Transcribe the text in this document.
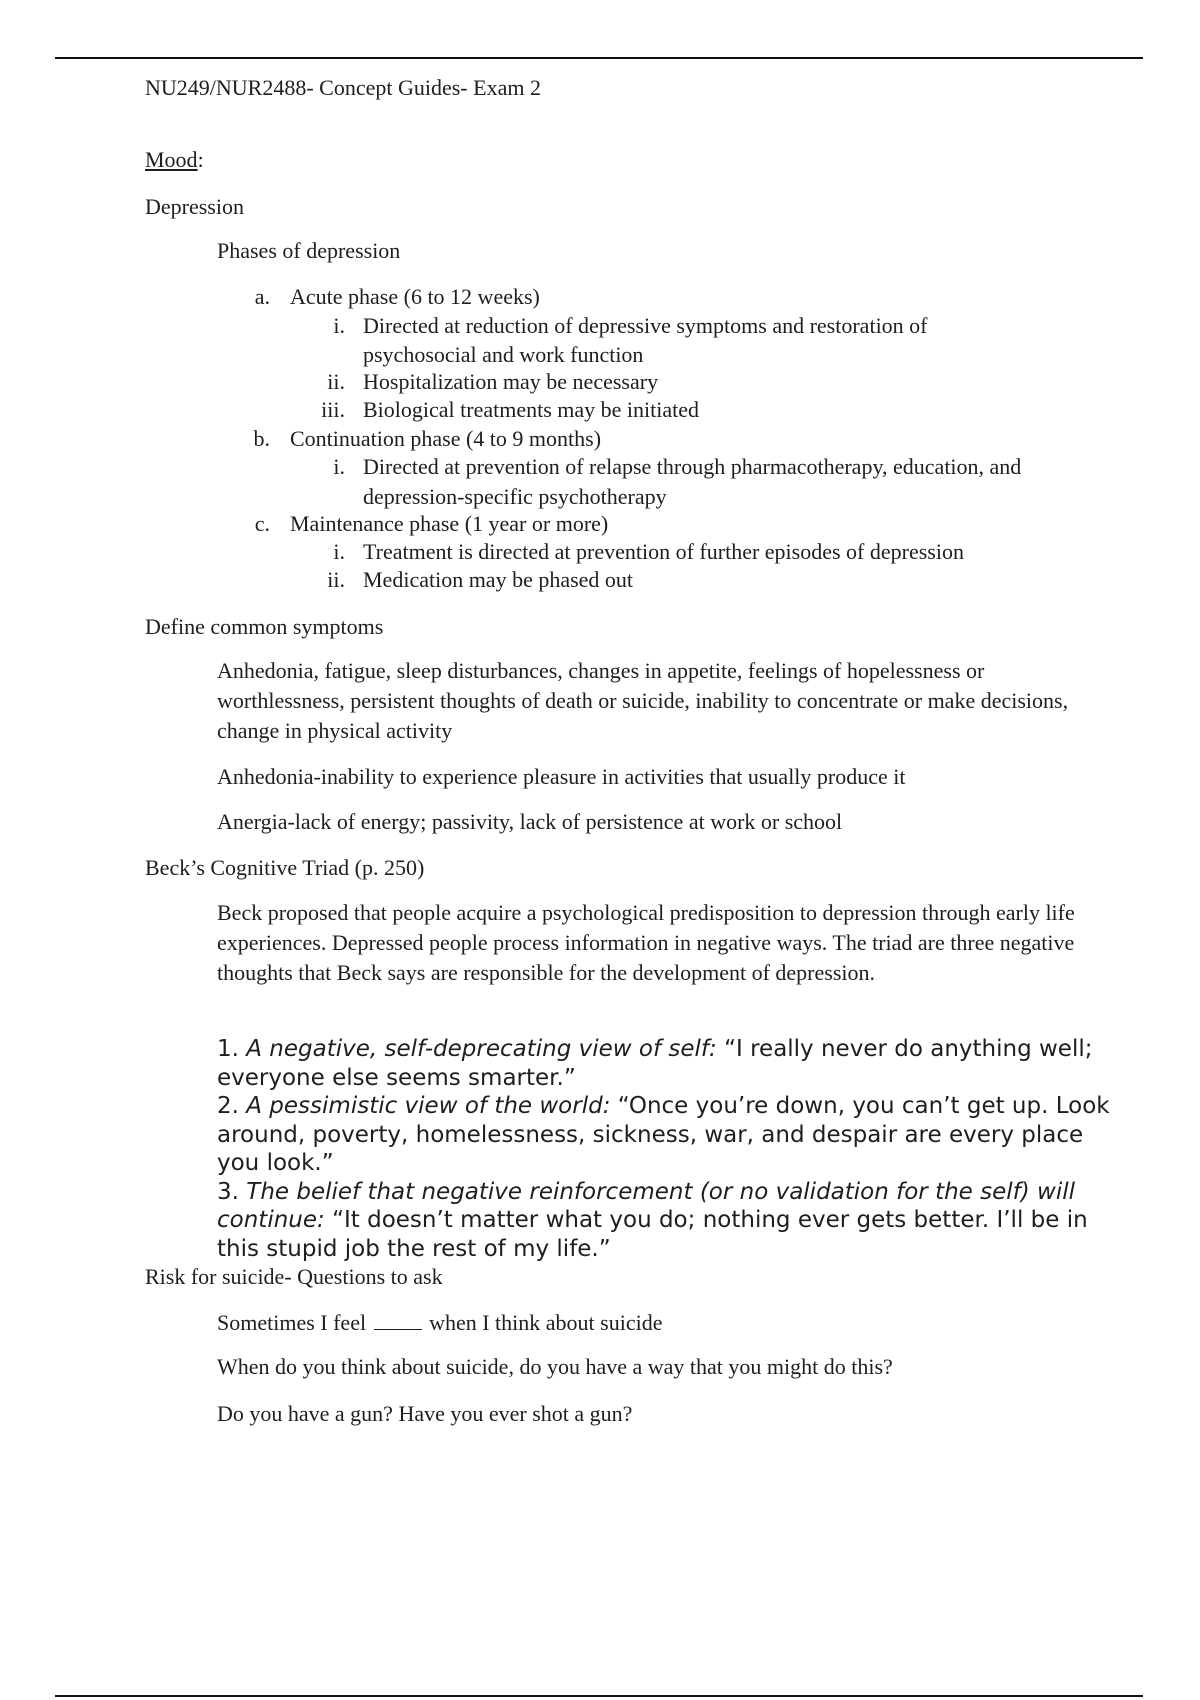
NU249/NUR2488- Concept Guides- Exam 2
Mood:
Depression
Phases of depression
a. Acute phase (6 to 12 weeks)
i. Directed at reduction of depressive symptoms and restoration of
psychosocial and work function
ii. Hospitalization may be necessary
iii. Biological treatments may be initiated
b. Continuation phase (4 to 9 months)
i. Directed at prevention of relapse through pharmacotherapy, education, and
depression-specific psychotherapy
c. Maintenance phase (1 year or more)
i. Treatment is directed at prevention of further episodes of depression
ii. Medication may be phased out
Define common symptoms
Anhedonia, fatigue, sleep disturbances, changes in appetite, feelings of hopelessness or worthlessness, persistent thoughts of death or suicide, inability to concentrate or make decisions, change in physical activity
Anhedonia-inability to experience pleasure in activities that usually produce it
Anergia-lack of energy; passivity, lack of persistence at work or school
Beck’s Cognitive Triad (p. 250)
Beck proposed that people acquire a psychological predisposition to depression through early life experiences. Depressed people process information in negative ways. The triad are three negative thoughts that Beck says are responsible for the development of depression.
1. A negative, self-deprecating view of self: “I really never do anything well; everyone else seems smarter.”
2. A pessimistic view of the world: “Once you’re down, you can’t get up. Look around, poverty, homelessness, sickness, war, and despair are every place you look.”
3. The belief that negative reinforcement (or no validation for the self) will continue: “It doesn’t matter what you do; nothing ever gets better. I’ll be in this stupid job the rest of my life.”
Risk for suicide- Questions to ask
Sometimes I feel	when I think about suicide
When do you think about suicide, do you have a way that you might do this?
Do you have a gun? Have you ever shot a gun?
